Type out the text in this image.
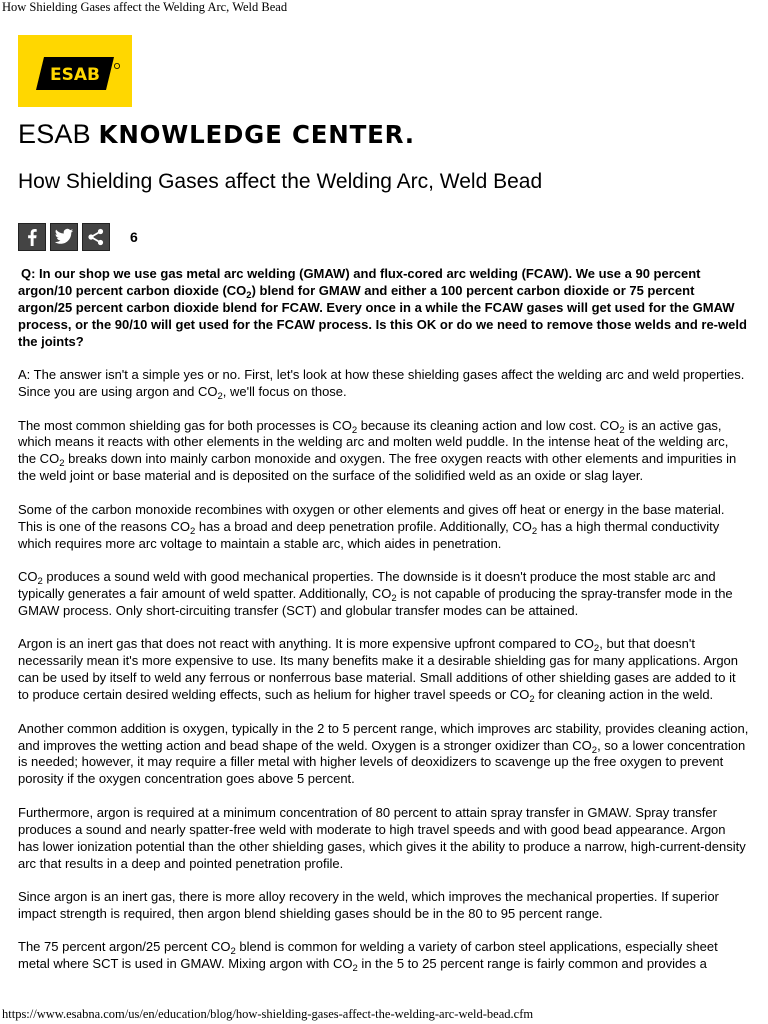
How Shielding Gases affect the Welding Arc, Weld Bead
ESAB
ESAB KNOWLEDGE CENTER.
How Shielding Gases affect the Welding Arc, Weld Bead
6

Q: In our shop we use gas metal arc welding (GMAW) and flux-cored arc welding (FCAW). We use a 90 percent argon/10 percent carbon dioxide $(CO_2)$ blend for GMAW and either a 100 percent carbon dioxide or 75 percent argon/25 percent carbon dioxide blend for FCAW. Every once in a while the FCAW gases will get used for the GMAW process, or the 90/10 will get used for the FCAW process. Is this OK or do we need to remove those welds and re-weld the joints?

A: The answer isn't a simple yes or no. First, let's look at how these shielding gases affect the welding arc and weld properties. Since you are using argon and $CO_2$, we'll focus on those.

The most common shielding gas for both processes is $CO_2$ because its cleaning action and low cost. $CO_2$ is an active gas, which means it reacts with other elements in the welding arc and molten weld puddle. In the intense heat of the welding arc, the $CO_2$ breaks down into mainly carbon monoxide and oxygen. The free oxygen reacts with other elements and impurities in the weld joint or base material and is deposited on the surface of the solidified weld as an oxide or slag layer.

Some of the carbon monoxide recombines with oxygen or other elements and gives off heat or energy in the base material. This is one of the reasons $CO_2$ has a broad and deep penetration profile. Additionally, $CO_2$ has a high thermal conductivity which requires more arc voltage to maintain a stable arc, which aides in penetration.

$CO_2$ produces a sound weld with good mechanical properties. The downside is it doesn't produce the most stable arc and typically generates a fair amount of weld spatter. Additionally, $CO_2$ is not capable of producing the spray-transfer mode in the GMAW process. Only short-circuiting transfer (SCT) and globular transfer modes can be attained.

Argon is an inert gas that does not react with anything. It is more expensive upfront compared to $CO_2$, but that doesn't necessarily mean it's more expensive to use. Its many benefits make it a desirable shielding gas for many applications. Argon can be used by itself to weld any ferrous or nonferrous base material. Small additions of other shielding gases are added to it to produce certain desired welding effects, such as helium for higher travel speeds or $CO_2$ for cleaning action in the weld.

Another common addition is oxygen, typically in the 2 to 5 percent range, which improves arc stability, provides cleaning action, and improves the wetting action and bead shape of the weld. Oxygen is a stronger oxidizer than $CO_2$, so a lower concentration is needed; however, it may require a filler metal with higher levels of deoxidizers to scavenge up the free oxygen to prevent porosity if the oxygen concentration goes above 5 percent.

Furthermore, argon is required at a minimum concentration of 80 percent to attain spray transfer in GMAW. Spray transfer produces a sound and nearly spatter-free weld with moderate to high travel speeds and with good bead appearance. Argon has lower ionization potential than the other shielding gases, which gives it the ability to produce a narrow, high-current-density arc that results in a deep and pointed penetration profile.

Since argon is an inert gas, there is more alloy recovery in the weld, which improves the mechanical properties. If superior impact strength is required, then argon blend shielding gases should be in the 80 to 95 percent range.

The 75 percent argon/25 percent $CO_2$ blend is common for welding a variety of carbon steel applications, especially sheet metal where SCT is used in GMAW. Mixing argon with $CO_2$ in the 5 to 25 percent range is fairly common and provides a

https://www.esabna.com/us/en/education/blog/how-shielding-gases-affect-the-welding-arc-weld-bead.cfm
